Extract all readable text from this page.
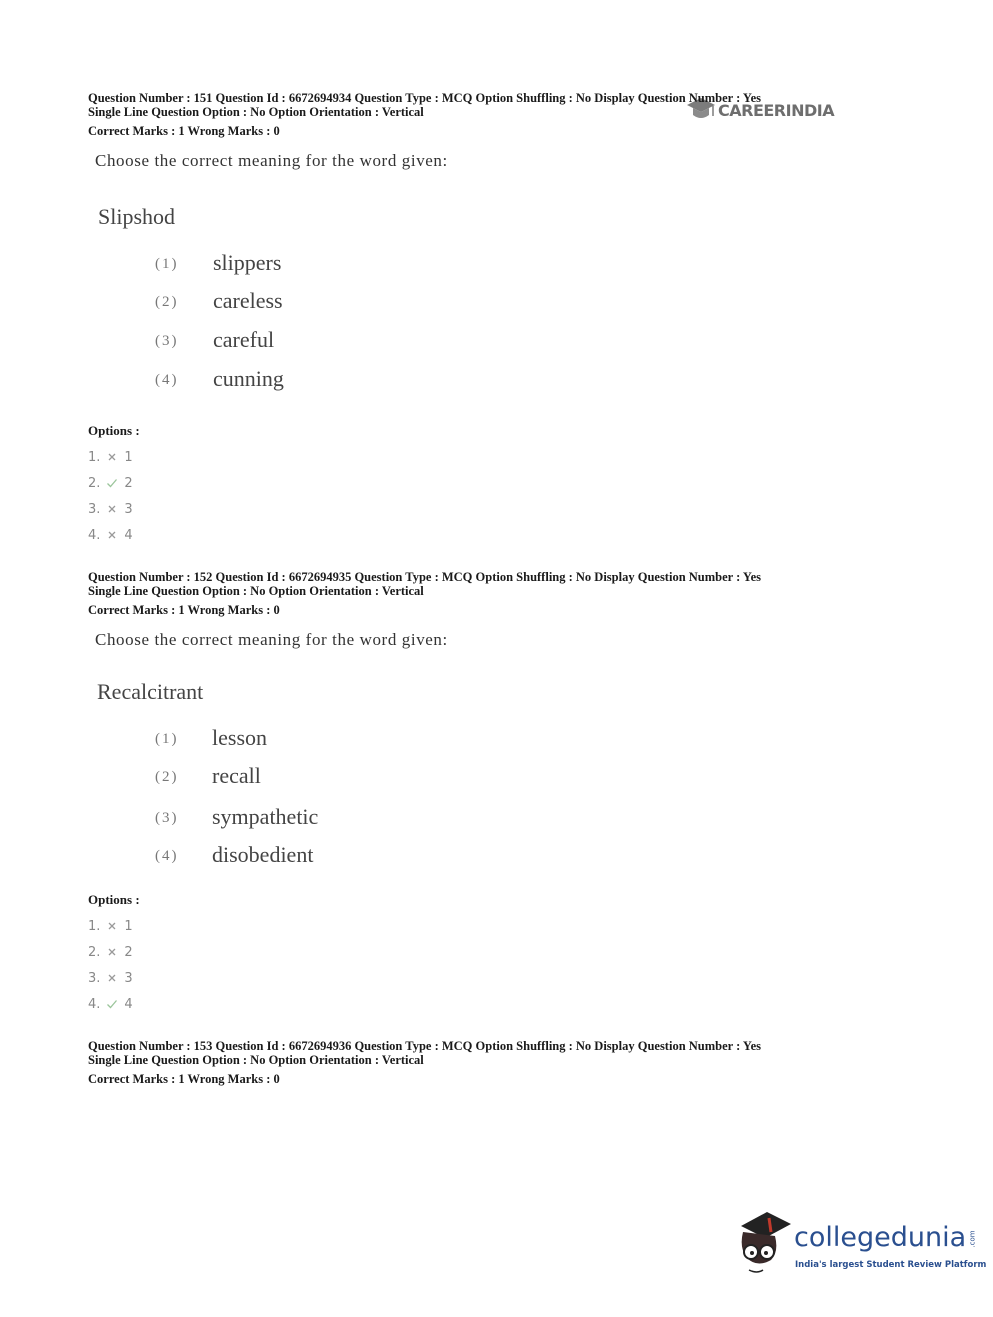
CAREERINDIA
Question Number : 151 Question Id : 6672694934 Question Type : MCQ Option Shuffling : No Display Question Number : Yes
Single Line Question Option : No Option Orientation : Vertical
Correct Marks : 1 Wrong Marks : 0
Choose the correct meaning for the word given:
Slipshod
(1) slippers
(2) careless
(3) careful
(4) cunning
Options :
1. 1
2. 2
3. 3
4. 4
Question Number : 152 Question Id : 6672694935 Question Type : MCQ Option Shuffling : No Display Question Number : Yes
Single Line Question Option : No Option Orientation : Vertical
Correct Marks : 1 Wrong Marks : 0
Choose the correct meaning for the word given:
Recalcitrant
(1) lesson
(2) recall
(3) sympathetic
(4) disobedient
Options :
1. 1
2. 2
3. 3
4. 4
Question Number : 153 Question Id : 6672694936 Question Type : MCQ Option Shuffling : No Display Question Number : Yes
Single Line Question Option : No Option Orientation : Vertical
Correct Marks : 1 Wrong Marks : 0
collegedunia .com
India's largest Student Review Platform
